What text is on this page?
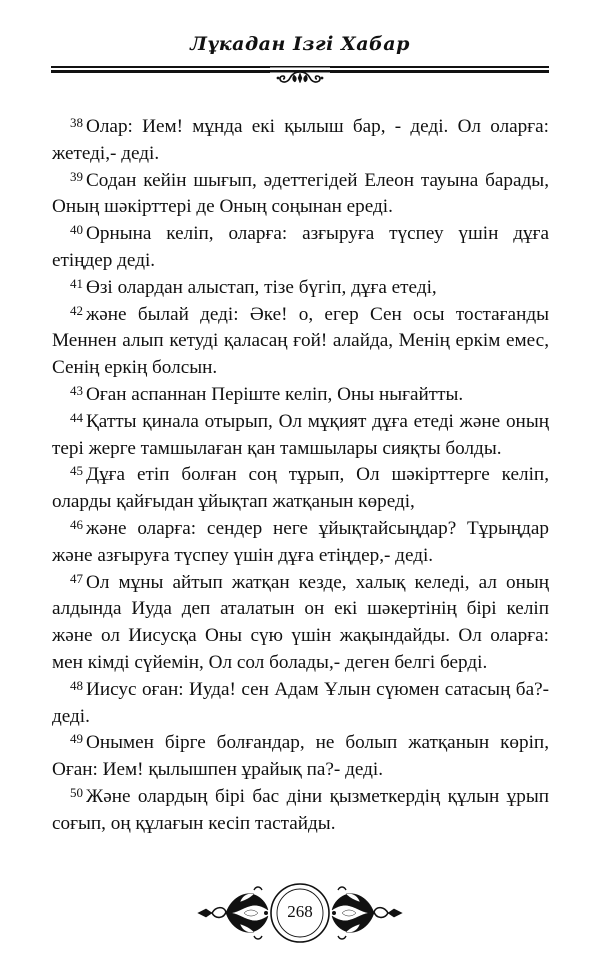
Лұкадан Ізгі Хабар

$^{38}$ Олар: Ием! мұнда екі қылыш бар, - деді. Ол оларға: жетеді,- деді.

$^{39}$ Содан кейін шығып, әдеттегідей Елеон тауына барады, Оның шәкірттері де Оның соңынан ереді.

$^{40}$ Орнына келіп, оларға: азғыруға түспеу үшін дұға етіңдер деді.

$^{41}$ Өзі олардан алыстап, тізе бүгіп, дұға етеді,

$^{42}$ және былай деді: Әке! о, егер Сен осы тостағанды Меннен алып кетуді қаласаң ғой! алайда, Менің еркім емес, Сенің еркің болсын.

$^{43}$ Оған аспаннан Періште келіп, Оны нығайтты.

$^{44}$ Қатты қинала отырып, Ол мұқият дұға етеді және оның тері жерге тамшылаған қан тамшылары сияқты болды.

$^{45}$ Дұға етіп болған соң тұрып, Ол шәкірттерге келіп, оларды қайғыдан ұйықтап жатқанын көреді,

$^{46}$ және оларға: сендер неге ұйықтайсыңдар? Тұрыңдар және азғыруға түспеу үшін дұға етіңдер,- деді.

$^{47}$ Ол мұны айтып жатқан кезде, халық келеді, ал оның алдында Иуда деп аталатын он екі шәкертінің бірі келіп және ол Иисусқа Оны сүю үшін жақындайды. Ол оларға: мен кімді сүйемін, Ол сол болады,- деген белгі берді.

$^{48}$ Иисус оған: Иуда! сен Адам Ұлын сүюмен сатасың ба?- деді.

$^{49}$ Онымен бірге болғандар, не болып жатқанын көріп, Оған: Ием! қылышпен ұрайық па?- деді.

$^{50}$ Және олардың бірі бас діни қызметкердің құлын ұрып соғып, оң құлағын кесіп тастайды.

268
